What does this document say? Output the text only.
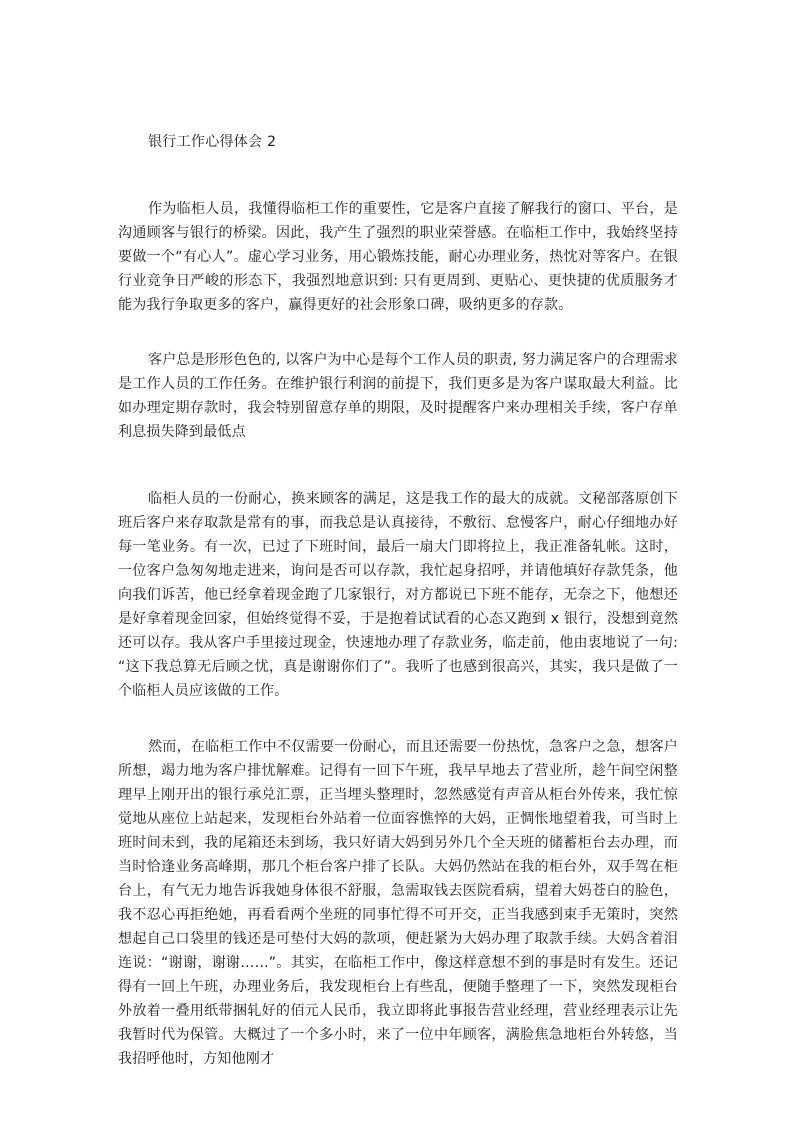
银行工作心得体会 2

作为临柜人员，我懂得临柜工作的重要性，它是客户直接了解我行的窗口、平台，是沟通顾客与银行的桥梁。因此，我产生了强烈的职业荣誉感。在临柜工作中，我始终坚持要做一个“有心人”。虚心学习业务，用心锻炼技能，耐心办理业务，热忱对等客户。在银行业竞争日严峻的形态下，我强烈地意识到: 只有更周到、更贴心、更快捷的优质服务才能为我行争取更多的客户，赢得更好的社会形象口碑，吸纳更多的存款。

客户总是形形色色的, 以客户为中心是每个工作人员的职责, 努力满足客户的合理需求是工作人员的工作任务。在维护银行利润的前提下，我们更多是为客户谋取最大利益。比如办理定期存款时，我会特别留意存单的期限，及时提醒客户来办理相关手续，客户存单利息损失降到最低点

临柜人员的一份耐心，换来顾客的满足，这是我工作的最大的成就。文秘部落原创下班后客户来存取款是常有的事，而我总是认真接待，不敷衍、怠慢客户，耐心仔细地办好每一笔业务。有一次，已过了下班时间，最后一扇大门即将拉上，我正准备轧帐。这时，一位客户急匆匆地走进来，询问是否可以存款，我忙起身招呼，并请他填好存款凭条，他向我们诉苦，他已经拿着现金跑了几家银行，对方都说已下班不能存，无奈之下，他想还是好拿着现金回家，但始终觉得不妥，于是抱着试试看的心态又跑到 x 银行，没想到竟然还可以存。我从客户手里接过现金，快速地办理了存款业务，临走前，他由衷地说了一句: “这下我总算无后顾之忧，真是谢谢你们了”。我听了也感到很高兴，其实，我只是做了一个临柜人员应该做的工作。

然而，在临柜工作中不仅需要一份耐心，而且还需要一份热忱，急客户之急，想客户所想，竭力地为客户排忧解难。记得有一回下午班，我早早地去了营业所，趁午间空闲整理早上刚开出的银行承兑汇票，正当埋头整理时，忽然感觉有声音从柜台外传来，我忙惊觉地从座位上站起来，发现柜台外站着一位面容憔悴的大妈，正惆怅地望着我，可当时上班时间未到，我的尾箱还未到场，我只好请大妈到另外几个全天班的储蓄柜台去办理，而当时恰逢业务高峰期，那几个柜台客户排了长队。大妈仍然站在我的柜台外，双手驾在柜台上，有气无力地告诉我她身体很不舒服，急需取钱去医院看病，望着大妈苍白的脸色，我不忍心再拒绝她，再看看两个坐班的同事忙得不可开交，正当我感到束手无策时，突然想起自己口袋里的钱还是可垫付大妈的款项，便赶紧为大妈办理了取款手续。大妈含着泪连说：“谢谢，谢谢……”。其实，在临柜工作中，像这样意想不到的事是时有发生。还记得有一回上午班，办理业务后，我发现柜台上有些乱，便随手整理了一下，突然发现柜台外放着一叠用纸带捆轧好的佰元人民币，我立即将此事报告营业经理，营业经理表示让先我暂时代为保管。大概过了一个多小时，来了一位中年顾客，满脸焦急地柜台外转悠，当我招呼他时，方知他刚才
